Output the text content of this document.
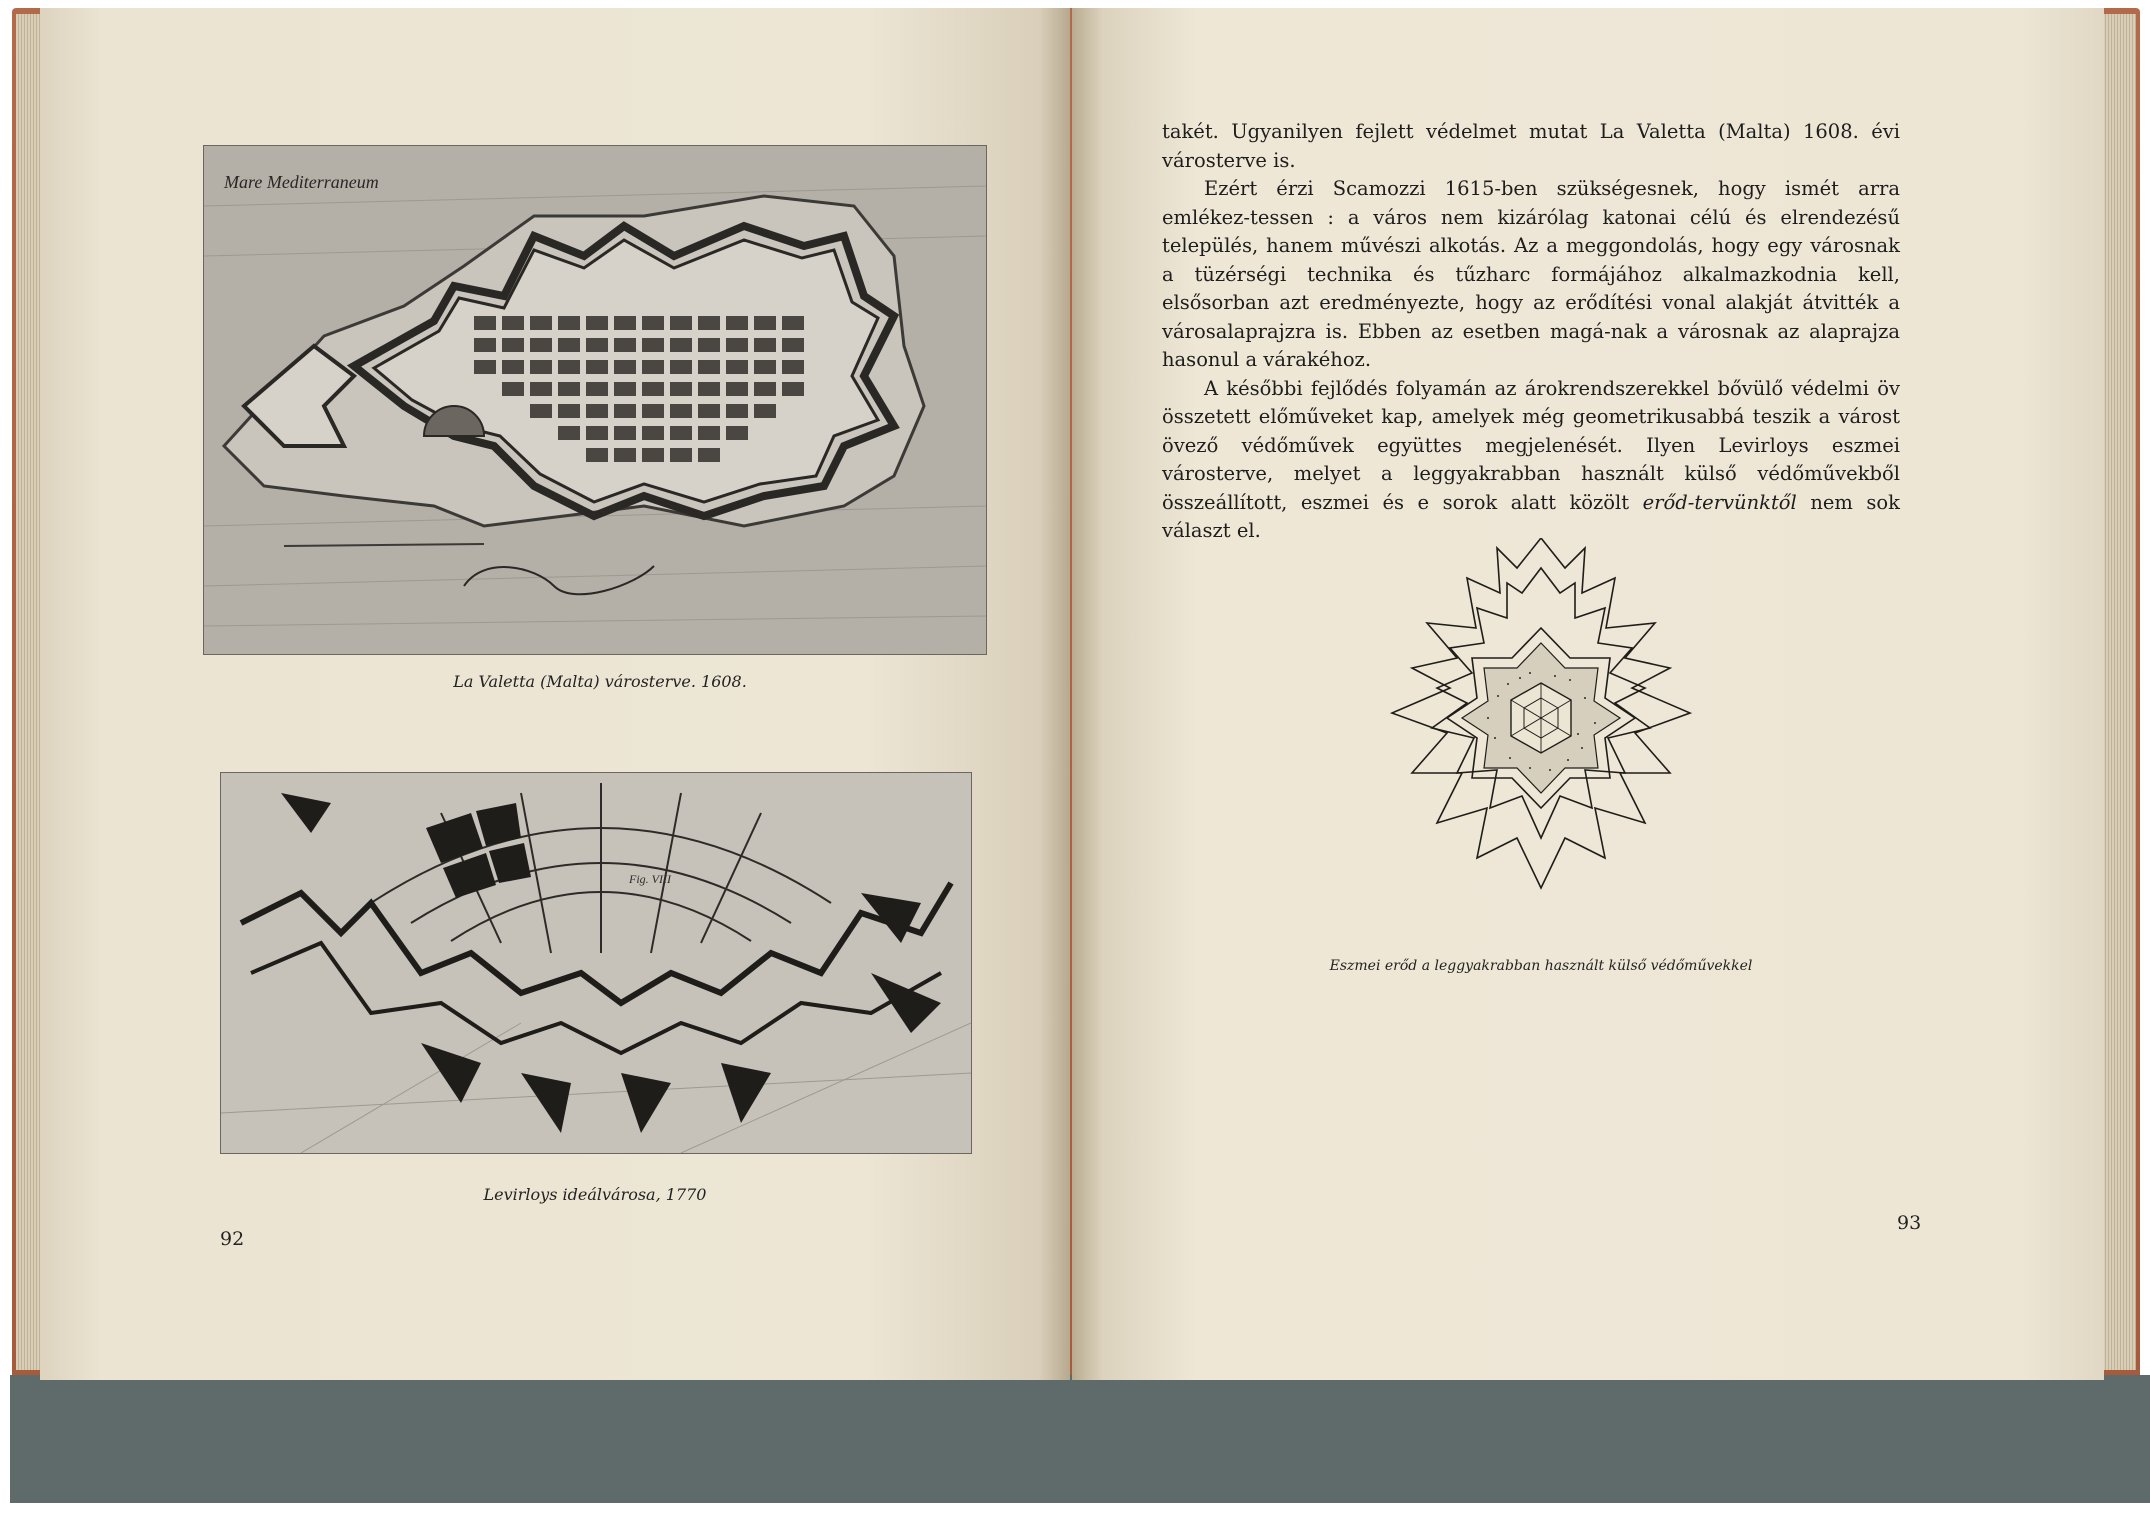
Mare Mediterraneum
La Valetta (Malta) városterve. 1608.
Fig. VIII
Levirloys ideálvárosa, 1770
92

takét. Ugyanilyen fejlett védelmet mutat La Valetta (Malta) 1608. évi városterve is.

Ezért érzi Scamozzi 1615-ben szükségesnek, hogy ismét arra emlékez-tessen : a város nem kizárólag katonai célú és elrendezésű település, hanem művészi alkotás. Az a meggondolás, hogy egy városnak a tüzérségi technika és tűzharc formájához alkalmazkodnia kell, elsősorban azt eredményezte, hogy az erődítési vonal alakját átvitték a városalaprajzra is. Ebben az esetben magá-nak a városnak az alaprajza hasonul a várakéhoz.

A későbbi fejlődés folyamán az árokrendszerekkel bővülő védelmi öv összetett előműveket kap, amelyek még geometrikusabbá teszik a várost övező védőművek együttes megjelenését. Ilyen Levirloys eszmei városterve, melyet a leggyakrabban használt külső védőművekből összeállított, eszmei és e sorok alatt közölt erőd-tervünktől nem sok választ el.

Eszmei erőd a leggyakrabban használt külső védőművekkel
93
